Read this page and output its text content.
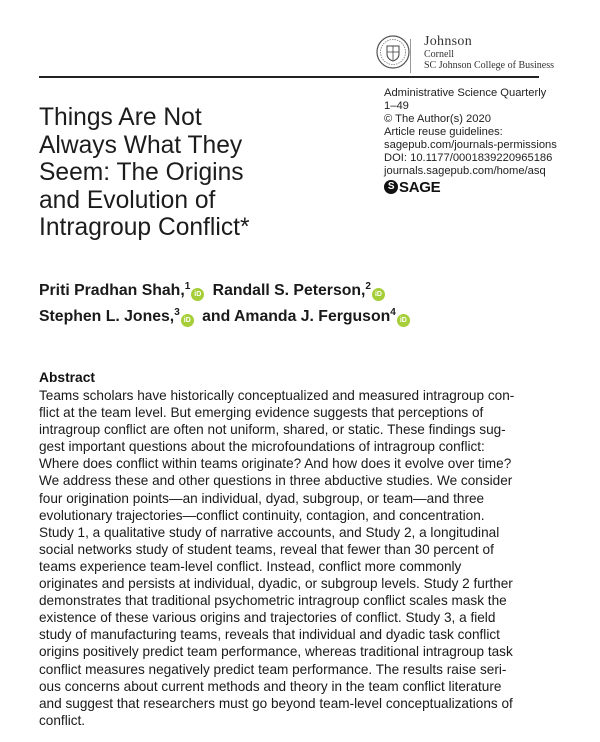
Johnson
Cornell
SC Johnson College of Business
Administrative Science Quarterly
1–49
© The Author(s) 2020
Article reuse guidelines:
sagepub.com/journals-permissions
DOI: 10.1177/0001839220965186
journals.sagepub.com/home/asq
S SAGE
Things Are Not
Always What They
Seem: The Origins
and Evolution of
Intragroup Conflict*
Priti Pradhan Shah,$^1$iD Randall S. Peterson,$^2$iD
Stephen L. Jones,$^3$iD and Amanda J. Ferguson$^4$iD
Abstract
Teams scholars have historically conceptualized and measured intragroup con-
flict at the team level. But emerging evidence suggests that perceptions of
intragroup conflict are often not uniform, shared, or static. These findings sug-
gest important questions about the microfoundations of intragroup conflict:
Where does conflict within teams originate? And how does it evolve over time?
We address these and other questions in three abductive studies. We consider
four origination points—an individual, dyad, subgroup, or team—and three
evolutionary trajectories—conflict continuity, contagion, and concentration.
Study 1, a qualitative study of narrative accounts, and Study 2, a longitudinal
social networks study of student teams, reveal that fewer than 30 percent of
teams experience team-level conflict. Instead, conflict more commonly
originates and persists at individual, dyadic, or subgroup levels. Study 2 further
demonstrates that traditional psychometric intragroup conflict scales mask the
existence of these various origins and trajectories of conflict. Study 3, a field
study of manufacturing teams, reveals that individual and dyadic task conflict
origins positively predict team performance, whereas traditional intragroup task
conflict measures negatively predict team performance. The results raise seri-
ous concerns about current methods and theory in the team conflict literature
and suggest that researchers must go beyond team-level conceptualizations of
conflict.
